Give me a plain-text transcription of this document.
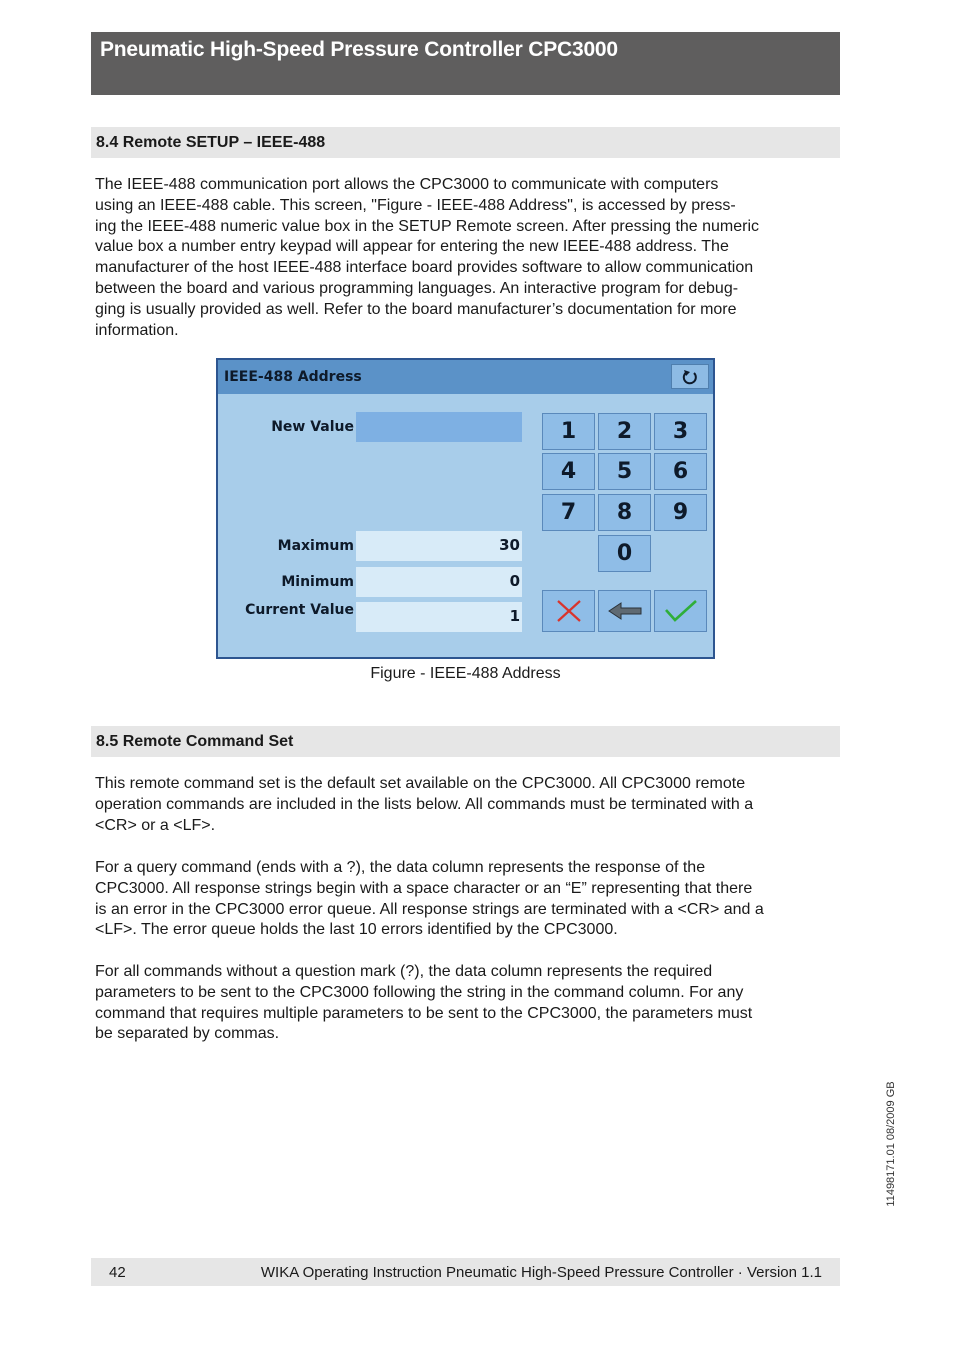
Pneumatic High-Speed Pressure Controller CPC3000
8.4 Remote SETUP – IEEE-488
The IEEE-488 communication port allows the CPC3000 to communicate with computers
using an IEEE-488 cable. This screen, "Figure - IEEE-488 Address", is accessed by press-
ing the IEEE-488 numeric value box in the SETUP Remote screen. After pressing the numeric
value box a number entry keypad will appear for entering the new IEEE-488 address. The
manufacturer of the host IEEE-488 interface board provides software to allow communication
between the board and various programming languages. An interactive program for debug-
ging is usually provided as well. Refer to the board manufacturer’s documentation for more
information.
IEEE-488 Address
New Value
Maximum	30
Minimum	0
Current Value	1
1	2	3
4	5	6
7	8	9
0
Figure - IEEE-488 Address
8.5 Remote Command Set
This remote command set is the default set available on the CPC3000. All CPC3000 remote
operation commands are included in the lists below. All commands must be terminated with a
<CR> or a <LF>.
For a query command (ends with a ?), the data column represents the response of the
CPC3000. All response strings begin with a space character or an “E” representing that there
is an error in the CPC3000 error queue. All response strings are terminated with a <CR> and a
<LF>. The error queue holds the last 10 errors identified by the CPC3000.
For all commands without a question mark (?), the data column represents the required
parameters to be sent to the CPC3000 following the string in the command column. For any
command that requires multiple parameters to be sent to the CPC3000, the parameters must
be separated by commas.
11498171.01 08/2009 GB
42	WIKA Operating Instruction Pneumatic High-Speed Pressure Controller · Version 1.1
